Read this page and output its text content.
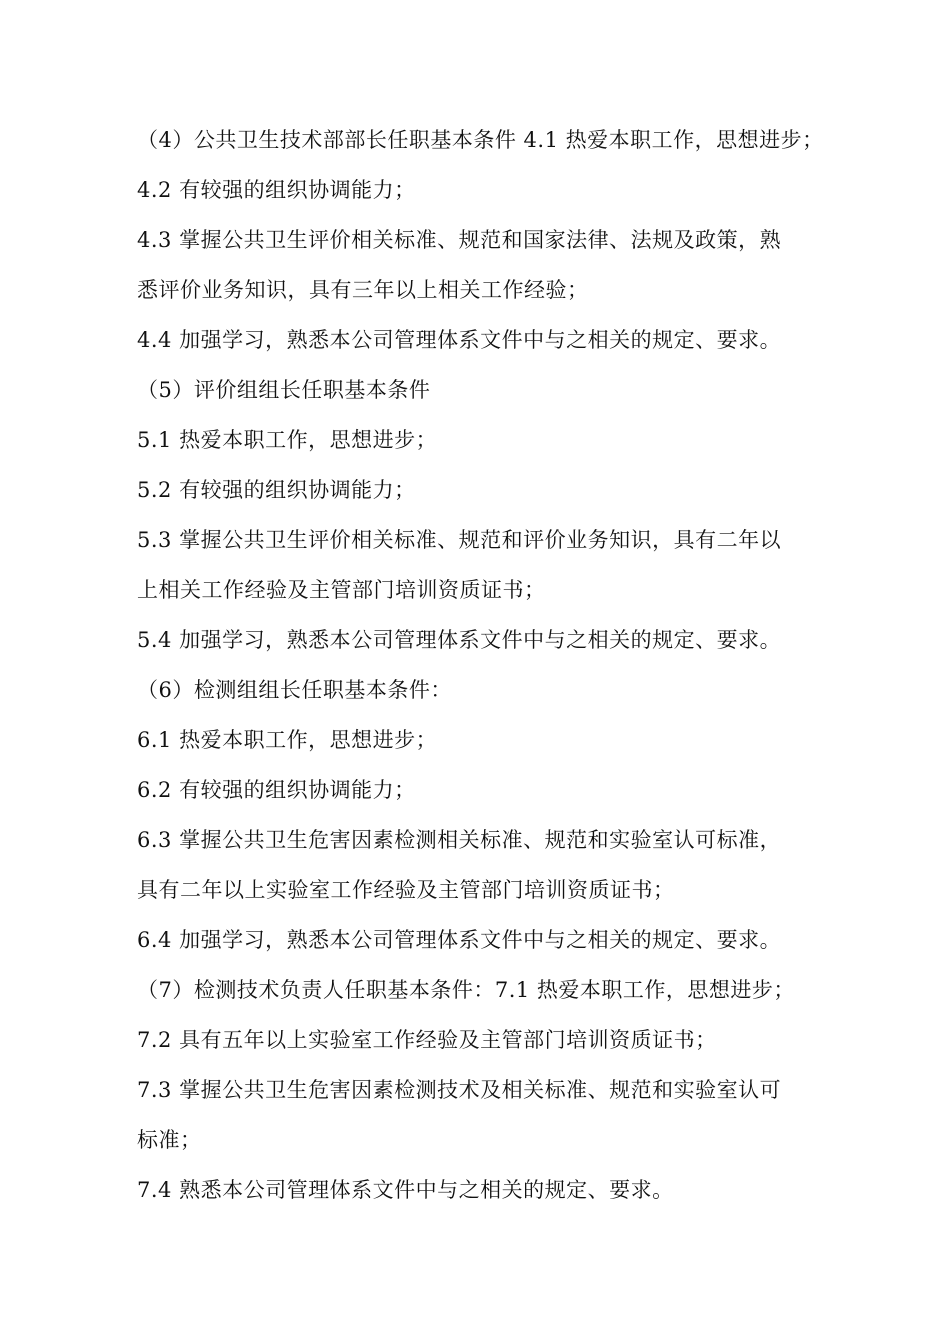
（4）公共卫生技术部部长任职基本条件 4.1 热爱本职工作，思想进步；
4.2 有较强的组织协调能力；
4.3 掌握公共卫生评价相关标准、规范和国家法律、法规及政策，熟
悉评价业务知识，具有三年以上相关工作经验；
4.4 加强学习，熟悉本公司管理体系文件中与之相关的规定、要求。
（5）评价组组长任职基本条件
5.1 热爱本职工作，思想进步；
5.2 有较强的组织协调能力；
5.3 掌握公共卫生评价相关标准、规范和评价业务知识，具有二年以
上相关工作经验及主管部门培训资质证书；
5.4 加强学习，熟悉本公司管理体系文件中与之相关的规定、要求。
（6）检测组组长任职基本条件：
6.1 热爱本职工作，思想进步；
6.2 有较强的组织协调能力；
6.3 掌握公共卫生危害因素检测相关标准、规范和实验室认可标准，
具有二年以上实验室工作经验及主管部门培训资质证书；
6.4 加强学习，熟悉本公司管理体系文件中与之相关的规定、要求。
（7）检测技术负责人任职基本条件：7.1 热爱本职工作，思想进步；
7.2 具有五年以上实验室工作经验及主管部门培训资质证书；
7.3 掌握公共卫生危害因素检测技术及相关标准、规范和实验室认可
标准；
7.4 熟悉本公司管理体系文件中与之相关的规定、要求。
